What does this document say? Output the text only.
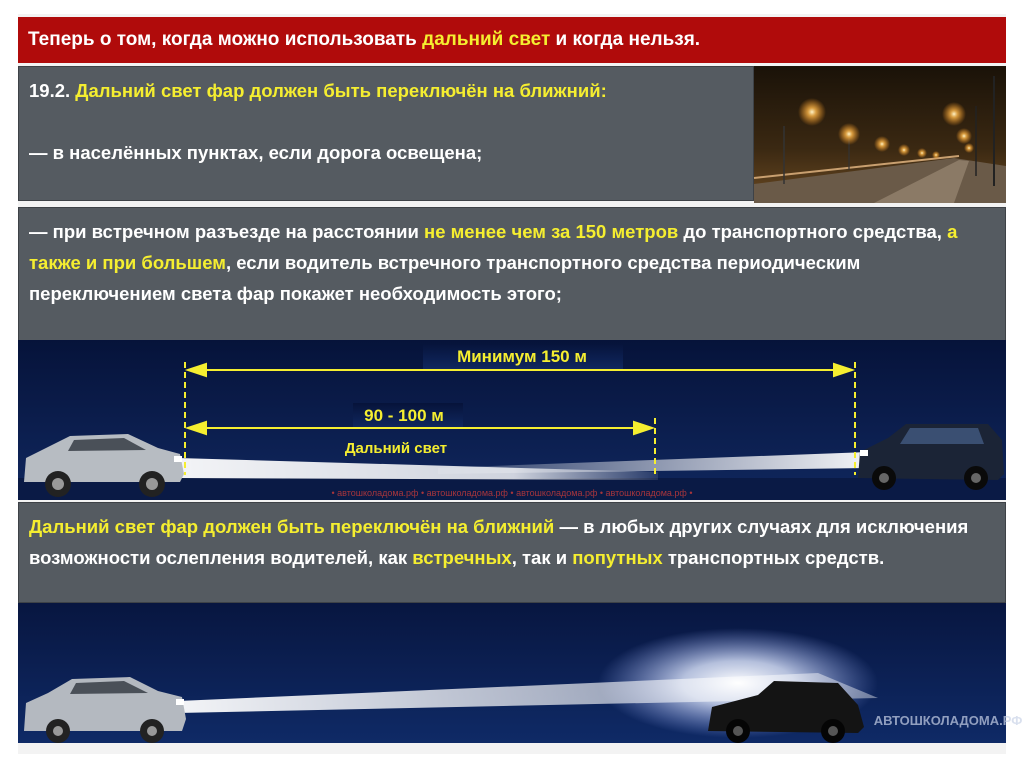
Теперь о том, когда можно использовать дальний свет и когда нельзя.

19.2. Дальний свет фар должен быть переключён на ближний:

— в населённых пунктах, если дорога освещена;

— при встречном разъезде на расстоянии не менее чем за 150 метров до транспортного средства, а также и при большем, если водитель встречного транспортного средства периодическим переключением света фар покажет необходимость этого;
Минимум 150 м
90 - 100 м
Дальний свет
• автошколадома.рф • автошколадома.рф • автошколадома.рф • автошколадома.рф •
Дальний свет фар должен быть переключён на ближний — в любых других случаях для исключения возможности ослепления водителей, как встречных, так и попутных транспортных средств.
АВТОШКОЛАДОМА.РФ
